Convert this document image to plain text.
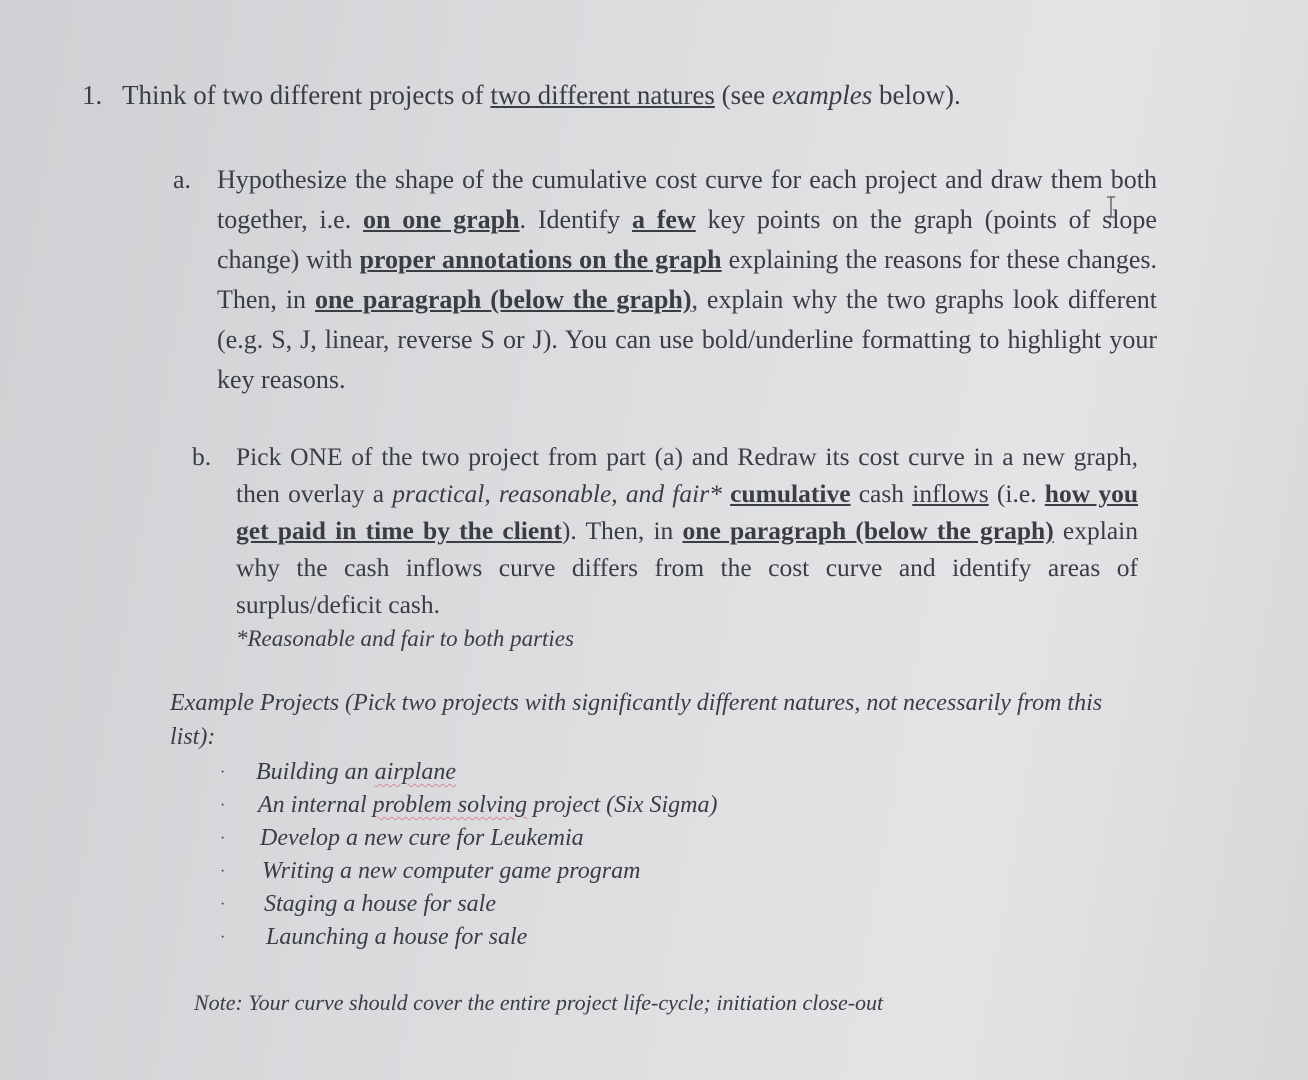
1. Think of two different projects of two different natures (see examples below).
a. Hypothesize the shape of the cumulative cost curve for each project and draw them both together, i.e. on one graph. Identify a few key points on the graph (points of slope change) with proper annotations on the graph explaining the reasons for these changes. Then, in one paragraph (below the graph), explain why the two graphs look different (e.g. S, J, linear, reverse S or J). You can use bold/underline formatting to highlight your key reasons.
b. Pick ONE of the two project from part (a) and Redraw its cost curve in a new graph, then overlay a practical, reasonable, and fair* cumulative cash inflows (i.e. how you get paid in time by the client). Then, in one paragraph (below the graph) explain why the cash inflows curve differs from the cost curve and identify areas of surplus/deficit cash.
*Reasonable and fair to both parties
Example Projects (Pick two projects with significantly different natures, not necessarily from this list):
· Building an airplane
· An internal problem solving project (Six Sigma)
· Develop a new cure for Leukemia
· Writing a new computer game program
· Staging a house for sale
· Launching a house for sale
Note: Your curve should cover the entire project life-cycle; initiation close-out
